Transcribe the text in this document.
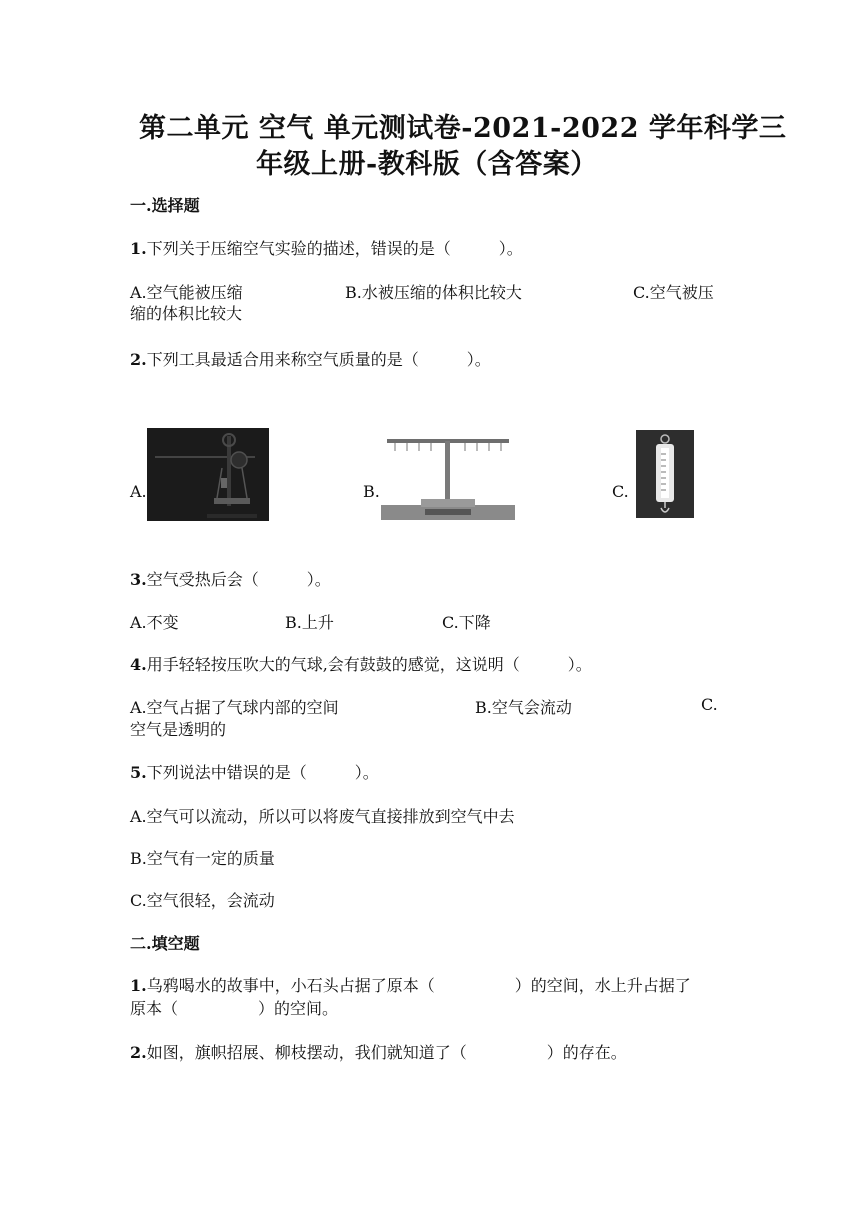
第二单元 空气 单元测试卷-2021-2022 学年科学三
年级上册-教科版（含答案）
一.选择题
1.下列关于压缩空气实验的描述，错误的是（　　　）。
A.空气能被压缩	B.水被压缩的体积比较大	C.空气被压
缩的体积比较大
2.下列工具最适合用来称空气质量的是（　　　）。
A.	B.	C.
3.空气受热后会（　　　）。
A.不变	B.上升	C.下降
4.用手轻轻按压吹大的气球,会有鼓鼓的感觉，这说明（　　　）。
A.空气占据了气球内部的空间	B.空气会流动	C.
空气是透明的
5.下列说法中错误的是（　　　）。
A.空气可以流动，所以可以将废气直接排放到空气中去
B.空气有一定的质量
C.空气很轻，会流动
二.填空题
1.乌鸦喝水的故事中，小石头占据了原本（　　　　　）的空间，水上升占据了
原本（　　　　　）的空间。
2.如图，旗帜招展、柳枝摆动，我们就知道了（　　　　　）的存在。
